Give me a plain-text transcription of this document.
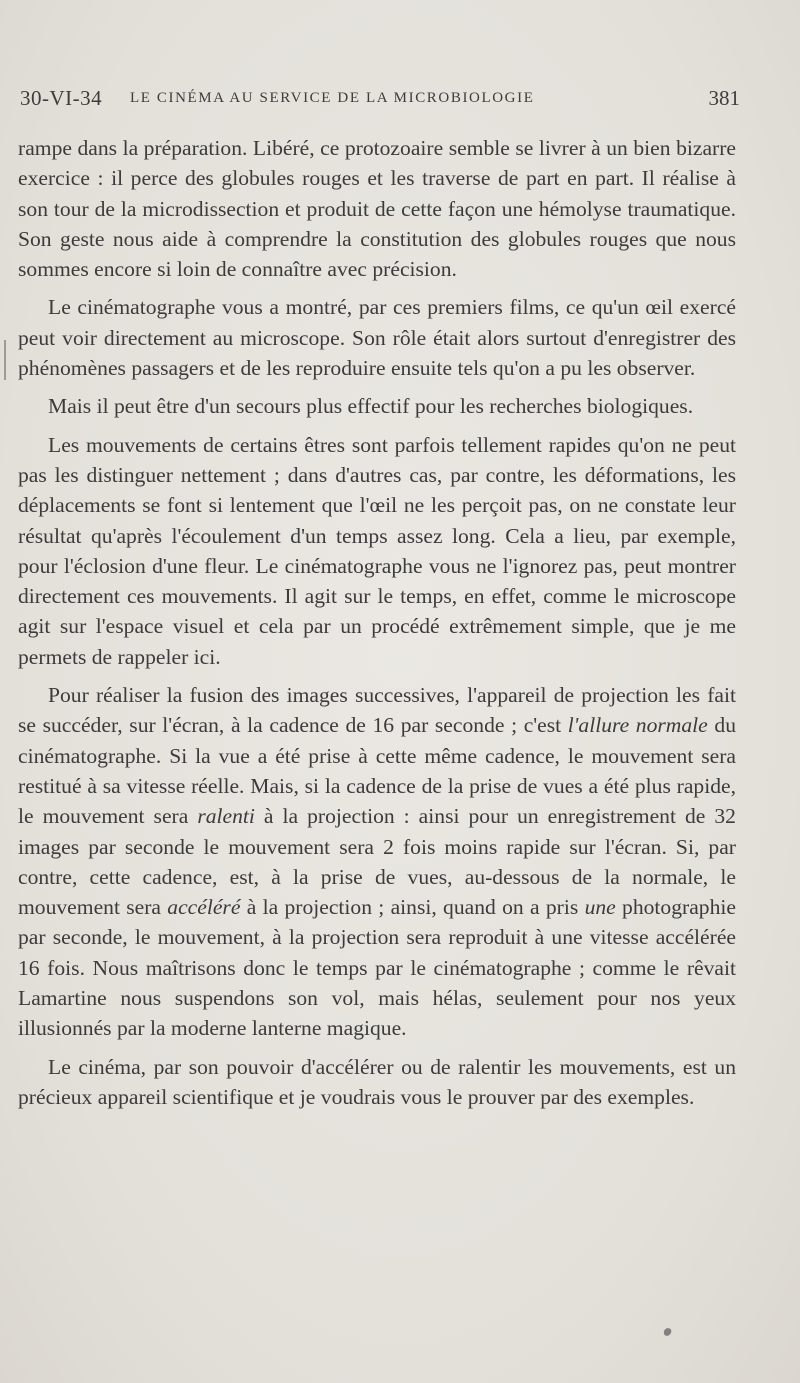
30-VI-34 LE CINÉMA AU SERVICE DE LA MICROBIOLOGIE	381

rampe dans la préparation. Libéré, ce protozoaire semble se livrer à un bien bizarre exercice : il perce des globules rouges et les traverse de part en part. Il réalise à son tour de la microdissection et produit de cette façon une hémolyse traumatique. Son geste nous aide à comprendre la constitution des globules rouges que nous sommes encore si loin de connaître avec précision.

Le cinématographe vous a montré, par ces premiers films, ce qu'un œil exercé peut voir directement au microscope. Son rôle était alors surtout d'enregistrer des phénomènes passagers et de les reproduire ensuite tels qu'on a pu les observer.

Mais il peut être d'un secours plus effectif pour les recherches biologiques.

Les mouvements de certains êtres sont parfois tellement rapides qu'on ne peut pas les distinguer nettement ; dans d'autres cas, par contre, les déformations, les déplacements se font si lentement que l'œil ne les perçoit pas, on ne constate leur résultat qu'après l'écoulement d'un temps assez long. Cela a lieu, par exemple, pour l'éclosion d'une fleur. Le cinématographe vous ne l'ignorez pas, peut montrer directement ces mouvements. Il agit sur le temps, en effet, comme le microscope agit sur l'espace visuel et cela par un procédé extrêmement simple, que je me permets de rappeler ici.

Pour réaliser la fusion des images successives, l'appareil de projection les fait se succéder, sur l'écran, à la cadence de 16 par seconde ; c'est l'allure normale du cinématographe. Si la vue a été prise à cette même cadence, le mouvement sera restitué à sa vitesse réelle. Mais, si la cadence de la prise de vues a été plus rapide, le mouvement sera ralenti à la projection : ainsi pour un enregistrement de 32 images par seconde le mouvement sera 2 fois moins rapide sur l'écran. Si, par contre, cette cadence, est, à la prise de vues, au-dessous de la normale, le mouvement sera accéléré à la projection ; ainsi, quand on a pris une photographie par seconde, le mouvement, à la projection sera reproduit à une vitesse accélérée 16 fois. Nous maîtrisons donc le temps par le cinématographe ; comme le rêvait Lamartine nous suspendons son vol, mais hélas, seulement pour nos yeux illusionnés par la moderne lanterne magique.

Le cinéma, par son pouvoir d'accélérer ou de ralentir les mouvements, est un précieux appareil scientifique et je voudrais vous le prouver par des exemples.
